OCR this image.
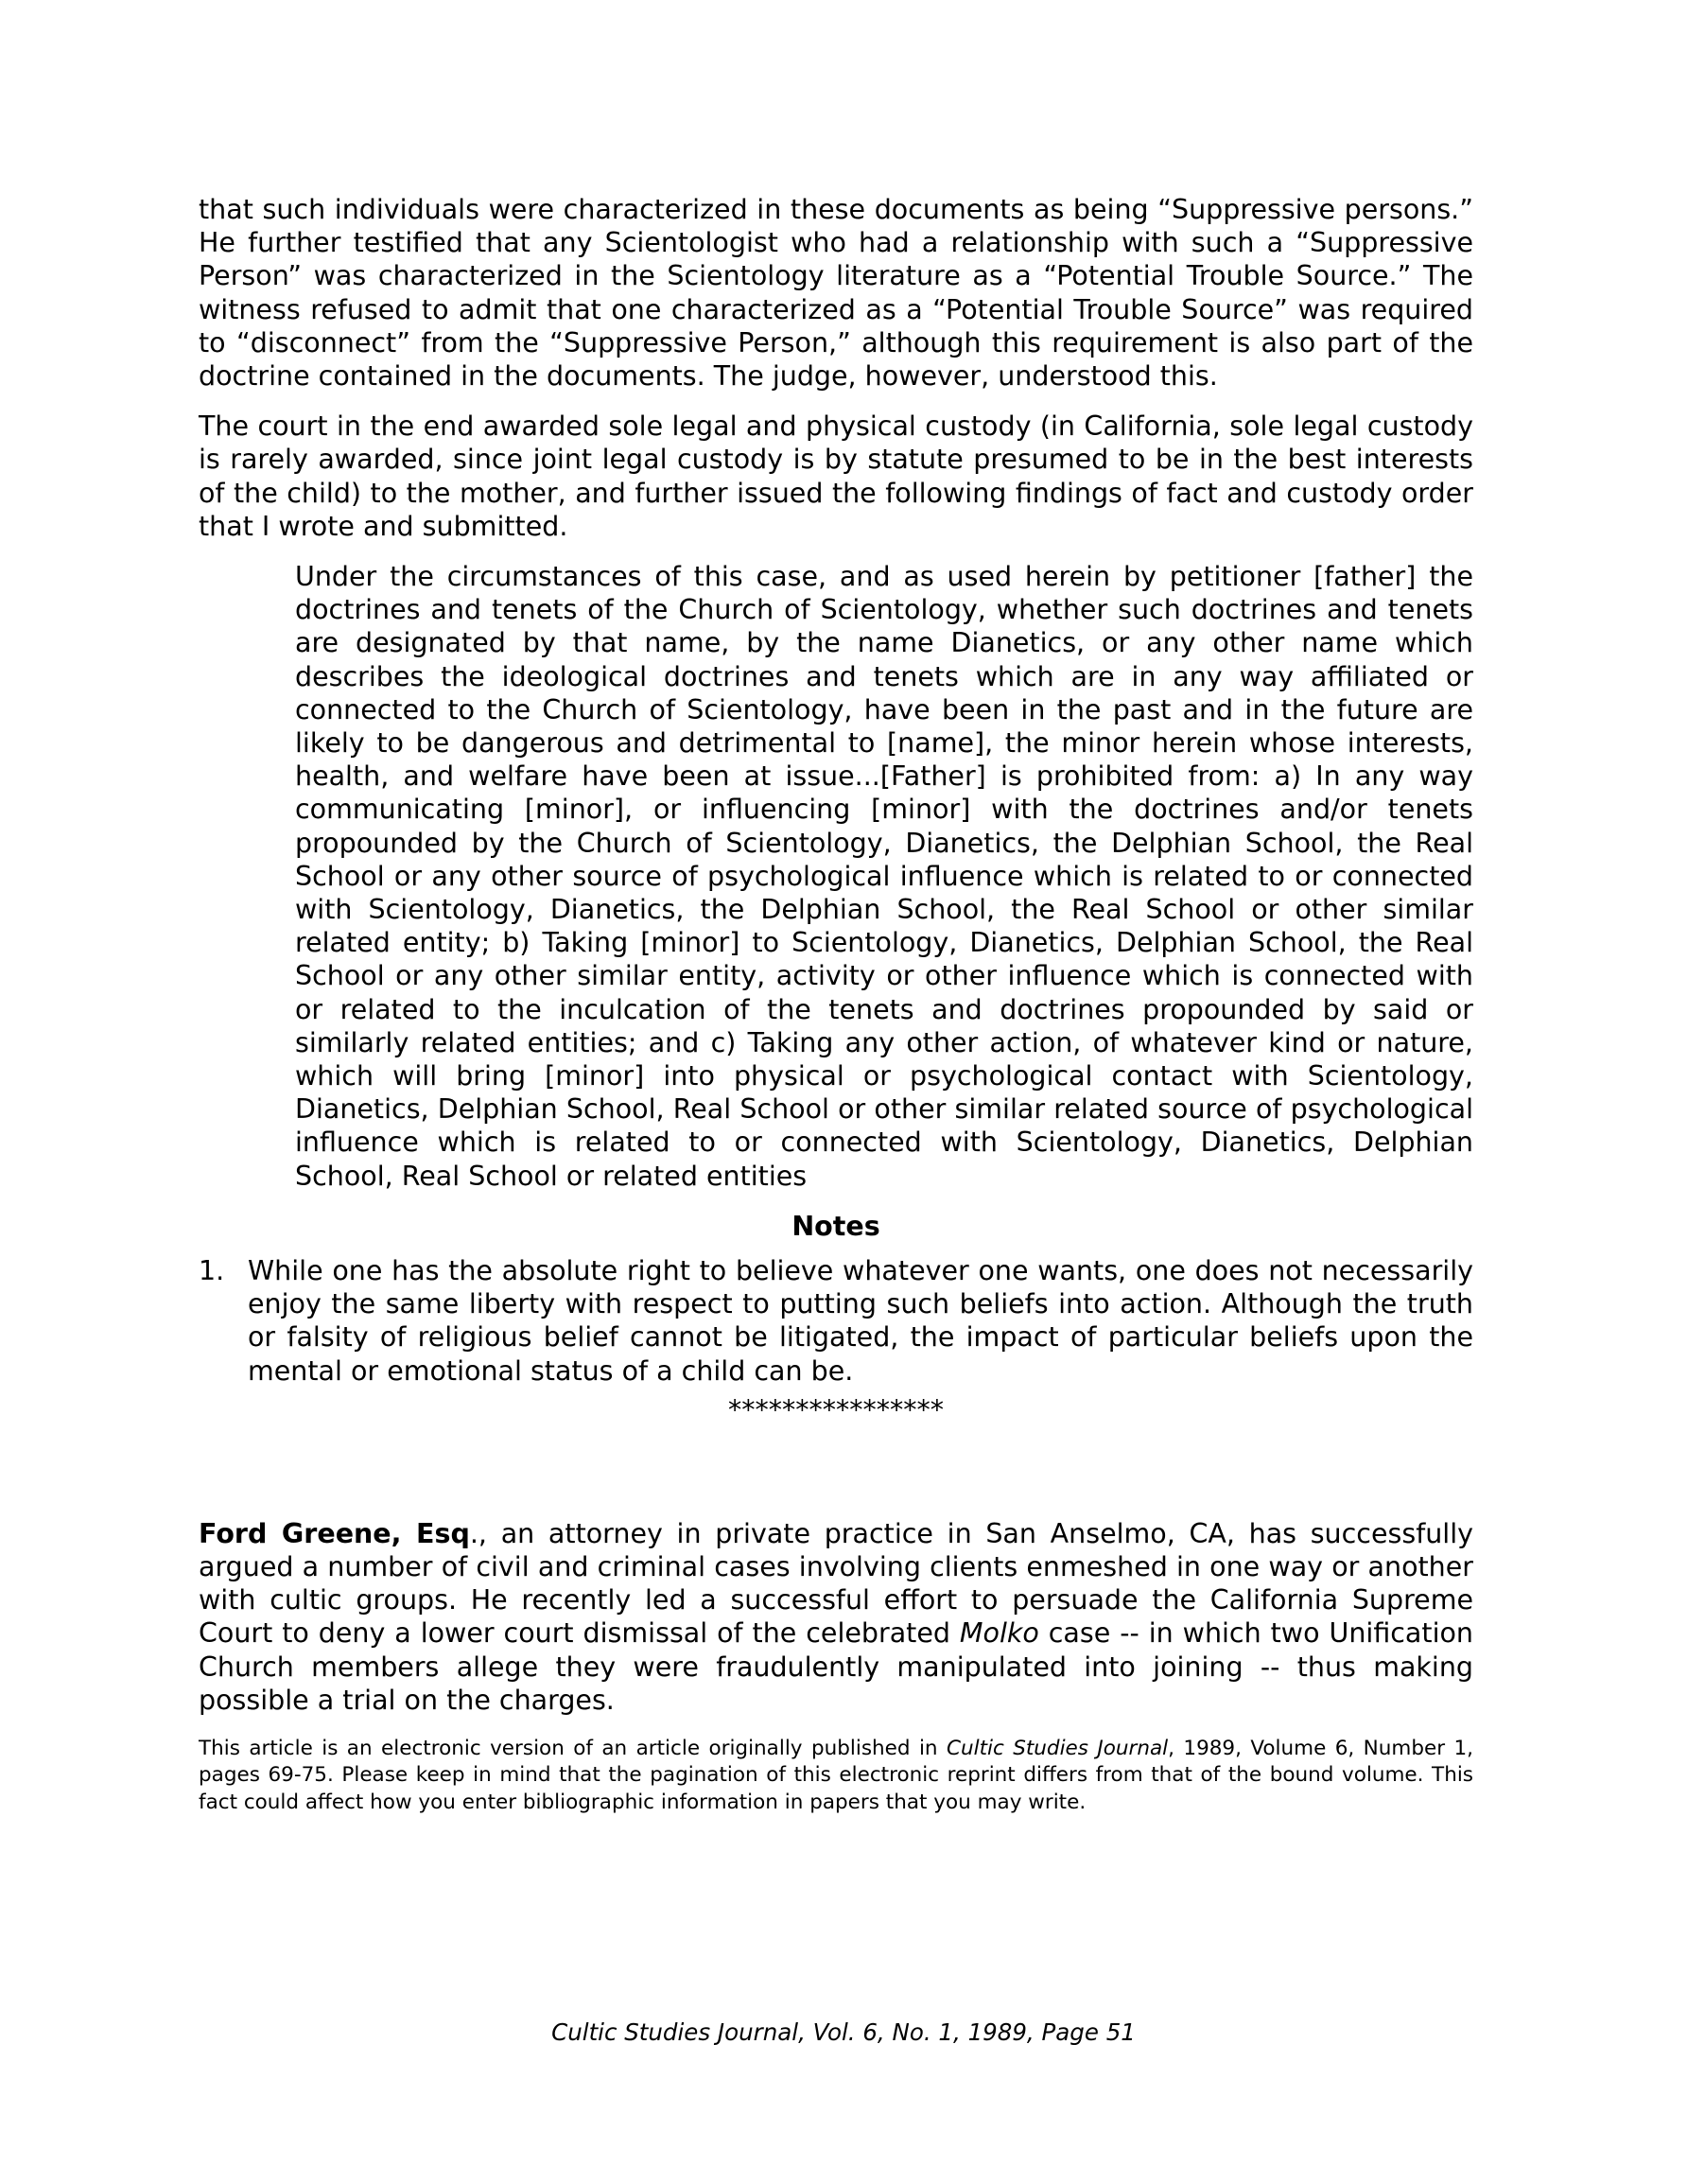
that such individuals were characterized in these documents as being “Suppressive persons.” He further testified that any Scientologist who had a relationship with such a “Suppressive Person” was characterized in the Scientology literature as a “Potential Trouble Source.” The witness refused to admit that one characterized as a “Potential Trouble Source” was required to “disconnect” from the “Suppressive Person,” although this requirement is also part of the doctrine contained in the documents. The judge, however, understood this.

The court in the end awarded sole legal and physical custody (in California, sole legal custody is rarely awarded, since joint legal custody is by statute presumed to be in the best interests of the child) to the mother, and further issued the following findings of fact and custody order that I wrote and submitted.

Under the circumstances of this case, and as used herein by petitioner [father] the doctrines and tenets of the Church of Scientology, whether such doctrines and tenets are designated by that name, by the name Dianetics, or any other name which describes the ideological doctrines and tenets which are in any way affiliated or connected to the Church of Scientology, have been in the past and in the future are likely to be dangerous and detrimental to [name], the minor herein whose interests, health, and welfare have been at issue...[Father] is prohibited from: a) In any way communicating [minor], or influencing [minor] with the doctrines and/or tenets propounded by the Church of Scientology, Dianetics, the Delphian School, the Real School or any other source of psychological influence which is related to or connected with Scientology, Dianetics, the Delphian School, the Real School or other similar related entity; b) Taking [minor] to Scientology, Dianetics, Delphian School, the Real School or any other similar entity, activity or other influence which is connected with or related to the inculcation of the tenets and doctrines propounded by said or similarly related entities; and c) Taking any other action, of whatever kind or nature, which will bring [minor] into physical or psychological contact with Scientology, Dianetics, Delphian School, Real School or other similar related source of psychological influence which is related to or connected with Scientology, Dianetics, Delphian School, Real School or related entities

Notes
1. While one has the absolute right to believe whatever one wants, one does not necessarily enjoy the same liberty with respect to putting such beliefs into action. Although the truth or falsity of religious belief cannot be litigated, the impact of particular beliefs upon the mental or emotional status of a child can be.

****************

Ford Greene, Esq., an attorney in private practice in San Anselmo, CA, has successfully argued a number of civil and criminal cases involving clients enmeshed in one way or another with cultic groups. He recently led a successful effort to persuade the California Supreme Court to deny a lower court dismissal of the celebrated Molko case -- in which two Unification Church members allege they were fraudulently manipulated into joining -- thus making possible a trial on the charges.

This article is an electronic version of an article originally published in Cultic Studies Journal, 1989, Volume 6, Number 1, pages 69-75. Please keep in mind that the pagination of this electronic reprint differs from that of the bound volume. This fact could affect how you enter bibliographic information in papers that you may write.

Cultic Studies Journal, Vol. 6, No. 1, 1989, Page 51
